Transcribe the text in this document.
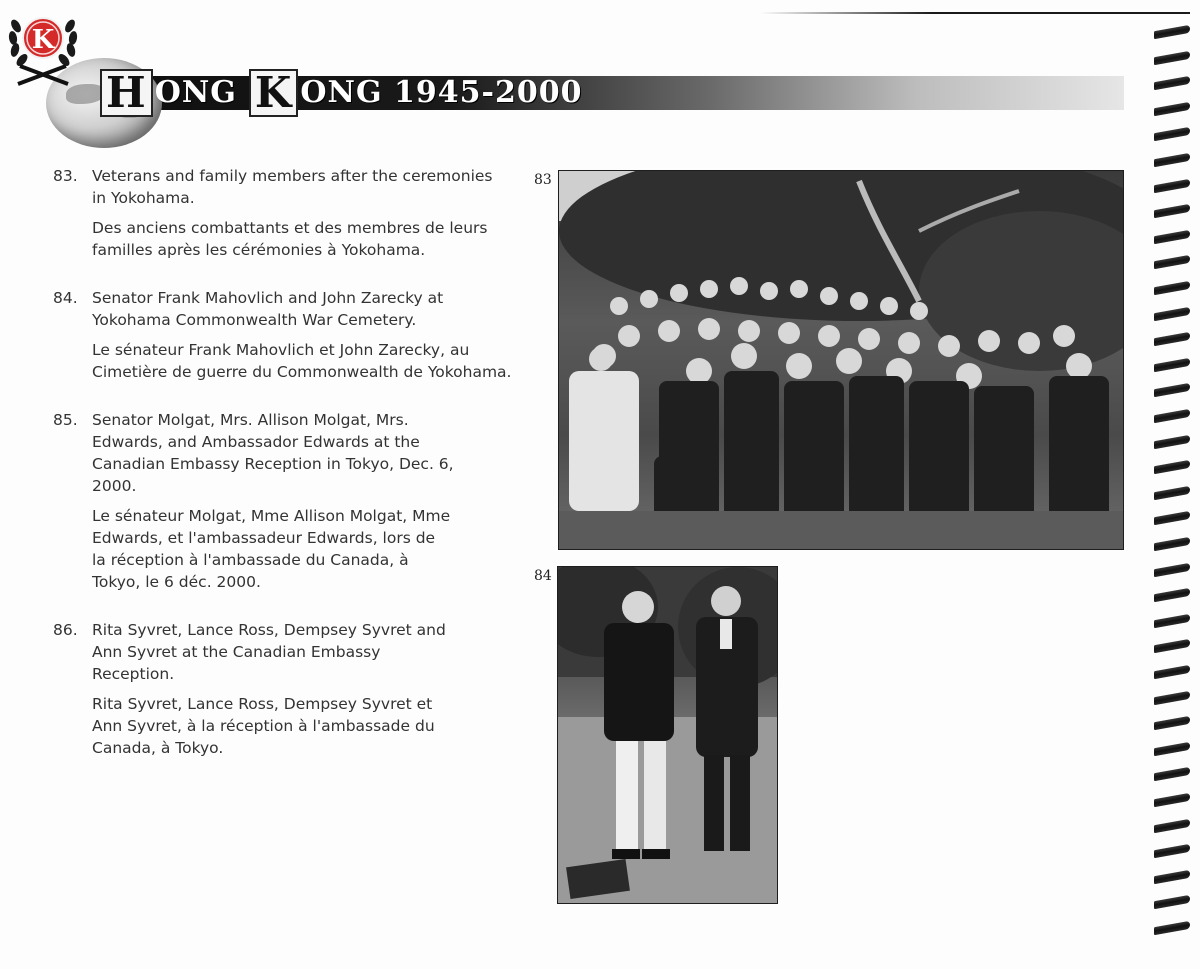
H ONG K ONG 1945-2000
K
83. Veterans and family members after the ceremonies in Yokohama.

Des anciens combattants et des membres de leurs familles après les cérémonies à Yokohama.

84. Senator Frank Mahovlich and John Zarecky at Yokohama Commonwealth War Cemetery.

Le sénateur Frank Mahovlich et John Zarecky, au Cimetière de guerre du Commonwealth de Yokohama.

85. Senator Molgat, Mrs. Allison Molgat, Mrs. Edwards, and Ambassador Edwards at the Canadian Embassy Reception in Tokyo, Dec. 6, 2000.

Le sénateur Molgat, Mme Allison Molgat, Mme Edwards, et l'ambassadeur Edwards, lors de la réception à l'ambassade du Canada, à Tokyo, le 6 déc. 2000.

86. Rita Syvret, Lance Ross, Dempsey Syvret and Ann Syvret at the Canadian Embassy Reception.

Rita Syvret, Lance Ross, Dempsey Syvret et Ann Syvret, à la réception à l'ambassade du Canada, à Tokyo.

83
84
